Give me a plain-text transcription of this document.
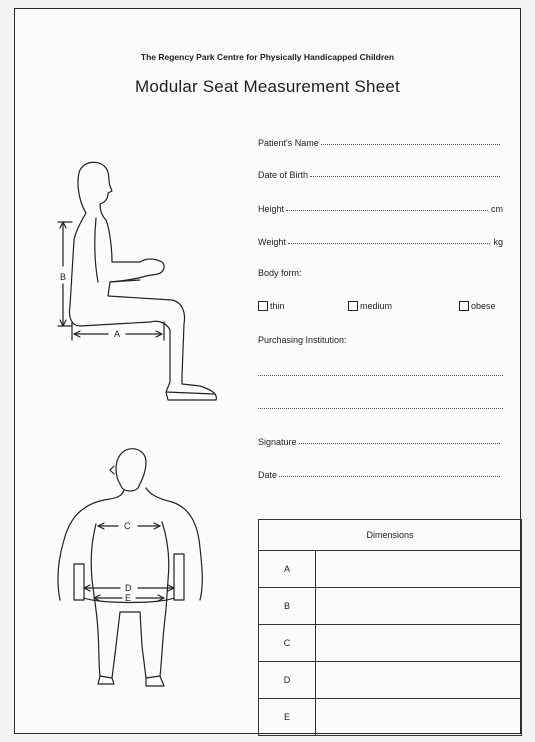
The Regency Park Centre for Physically Handicapped Children
Modular Seat Measurement Sheet
B
A
C
D
E
Patient's Name
Date of Birth
Height	cm
Weight	kg
Body form:
thin	medium	obese
Purchasing Institution:
Signature
Date
Dimensions	
A	
B	
C	
D	
E	
